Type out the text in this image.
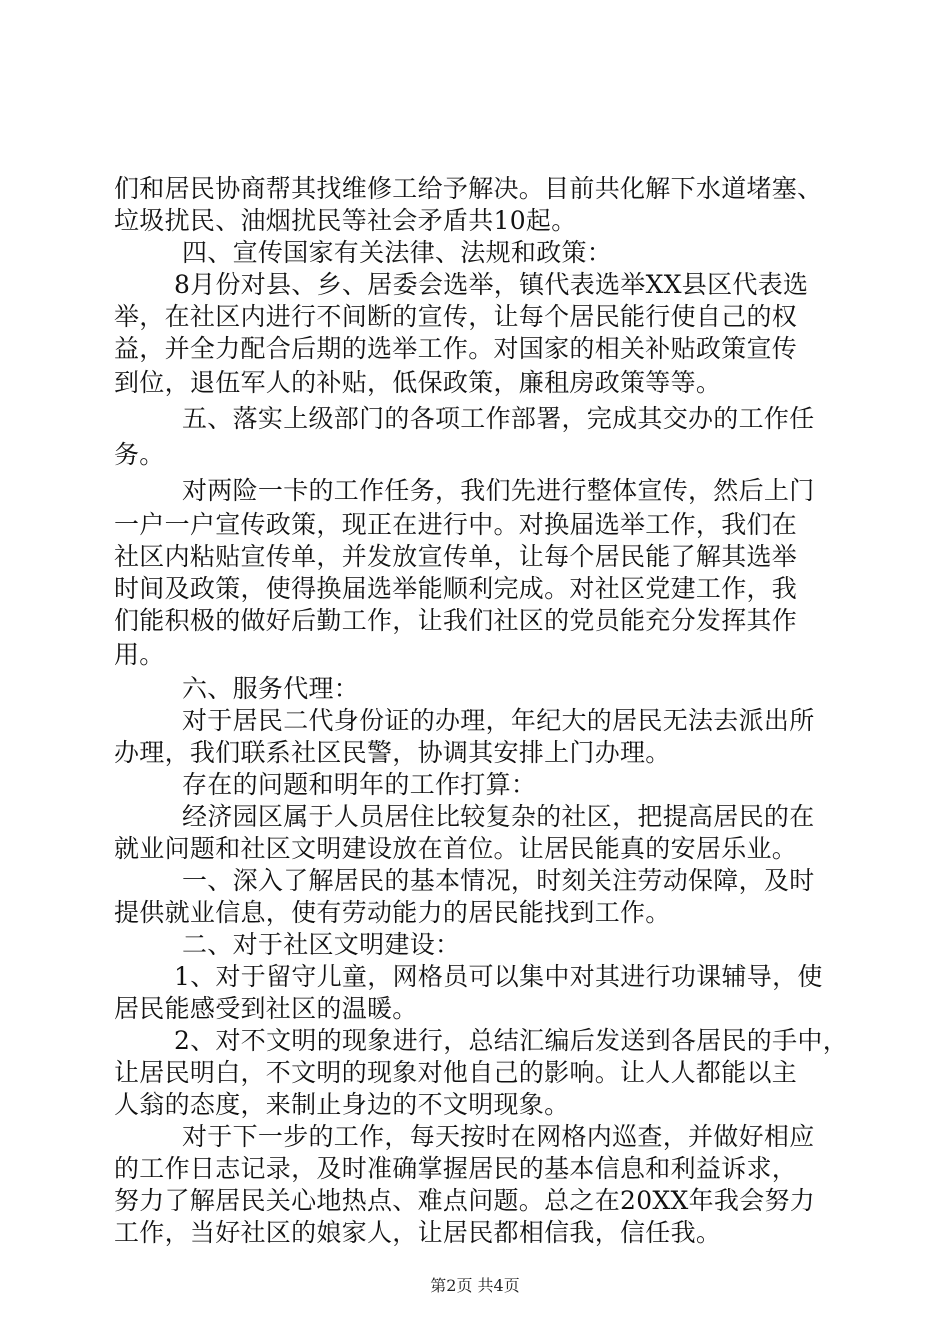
们和居民协商帮其找维修工给予解决。目前共化解下水道堵塞、
垃圾扰民、油烟扰民等社会矛盾共10起。
四、宣传国家有关法律、法规和政策：
8月份对县、乡、居委会选举，镇代表选举XX县区代表选
举，在社区内进行不间断的宣传，让每个居民能行使自己的权
益，并全力配合后期的选举工作。对国家的相关补贴政策宣传
到位，退伍军人的补贴，低保政策，廉租房政策等等。
五、落实上级部门的各项工作部署，完成其交办的工作任
务。
对两险一卡的工作任务，我们先进行整体宣传，然后上门
一户一户宣传政策，现正在进行中。对换届选举工作，我们在
社区内粘贴宣传单，并发放宣传单，让每个居民能了解其选举
时间及政策，使得换届选举能顺利完成。对社区党建工作，我
们能积极的做好后勤工作，让我们社区的党员能充分发挥其作
用。
六、服务代理：
对于居民二代身份证的办理，年纪大的居民无法去派出所
办理，我们联系社区民警，协调其安排上门办理。
存在的问题和明年的工作打算：
经济园区属于人员居住比较复杂的社区，把提高居民的在
就业问题和社区文明建设放在首位。让居民能真的安居乐业。
一、深入了解居民的基本情况，时刻关注劳动保障，及时
提供就业信息，使有劳动能力的居民能找到工作。
二、对于社区文明建设：
1、对于留守儿童，网格员可以集中对其进行功课辅导，使
居民能感受到社区的温暖。
2、对不文明的现象进行，总结汇编后发送到各居民的手中，
让居民明白，不文明的现象对他自己的影响。让人人都能以主
人翁的态度，来制止身边的不文明现象。
对于下一步的工作，每天按时在网格内巡查，并做好相应
的工作日志记录，及时准确掌握居民的基本信息和利益诉求，
努力了解居民关心地热点、难点问题。总之在20XX年我会努力
工作，当好社区的娘家人，让居民都相信我，信任我。
第2页 共4页
